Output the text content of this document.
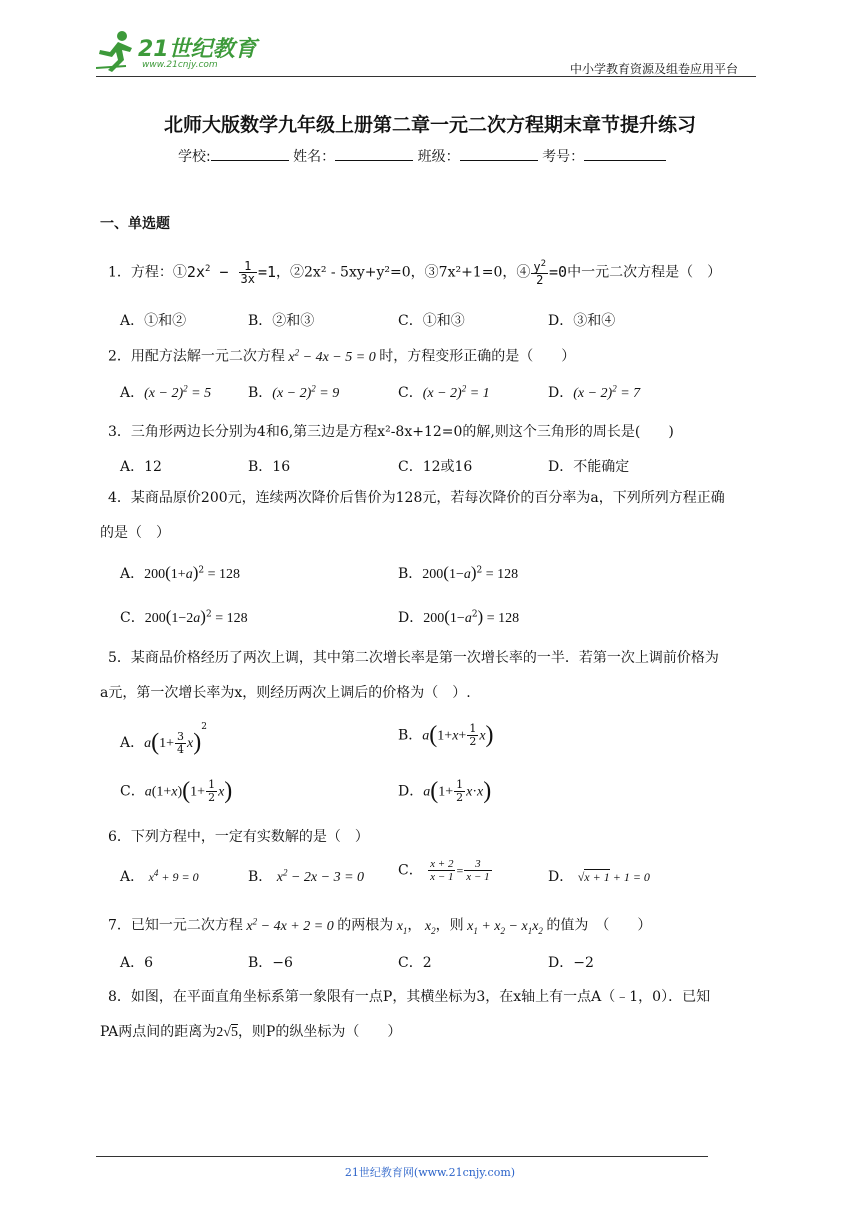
21世纪教育
www.21cnjy.com	中小学教育资源及组卷应用平台
北师大版数学九年级上册第二章一元二次方程期末章节提升练习
学校:	姓名：	班级：	考号：
一、单选题
1．方程：$①2x^2 - \frac{1}{3x} =1$，②2x² - 5xy+y²=0，③7x²+1=0，④ $\frac{y^2}{2} =0$中一元二次方程是（　）
A．①和②	B．②和③	C．①和③	D．③和④
2．用配方法解一元二次方程 $x^2 - 4x - 5 = 0$ 时，方程变形正确的是（　　）
A．$(x - 2)^2 = 5$	B．$(x - 2)^2 = 9$	C．$(x - 2)^2 = 1$	D．$(x - 2)^2 = 7$
3．三角形两边长分别为4和6,第三边是方程x²-8x+12=0的解,则这个三角形的周长是(　　)
A．12	B．16	C．12或16	D．不能确定
4．某商品原价200元，连续两次降价后售价为128元，若每次降价的百分率为a，下列所列方程正确
的是（　）
A．$200(1+a)^2 = 128$	B．$200(1-a)^2 = 128$
C．$200(1-2a)^2 = 128$	D．$200(1-a^2) = 128$
5．某商品价格经历了两次上调，其中第二次增长率是第一次增长率的一半．若第一次上调前价格为
a元，第一次增长率为x，则经历两次上调后的价格为（　）.
A．$a(1+ \frac{3}{4} x)^2$
B．$a(1+x+ \frac{1}{2} x)$
C．$a(1+x)(1+ \frac{1}{2} x)$	D．$a(1+ \frac{1}{2} x\cdot x)$
6．下列方程中，一定有实数解的是（　）
A． $x^4 + 9 = 0$	B． $x^2 - 2x - 3 = 0$ C． $\frac{x + 2}{x - 1} = \frac{3}{x - 1}$	D． √x + 1 + 1 = 0
7．已知一元二次方程 $x^2 - 4x + 2 = 0$ 的两根为 $x_1$， $x_2$，则 $x_1 + x_2 - x_1x_2$ 的值为　（　　）
A．6	B．−6	C．2	D．−2
8．如图，在平面直角坐标系第一象限有一点P，其横坐标为3，在x轴上有一点A（﹣1，0）．已知
PA两点间的距离为2√5，则P的纵坐标为（　　）
21世纪教育网(www.21cnjy.com)
